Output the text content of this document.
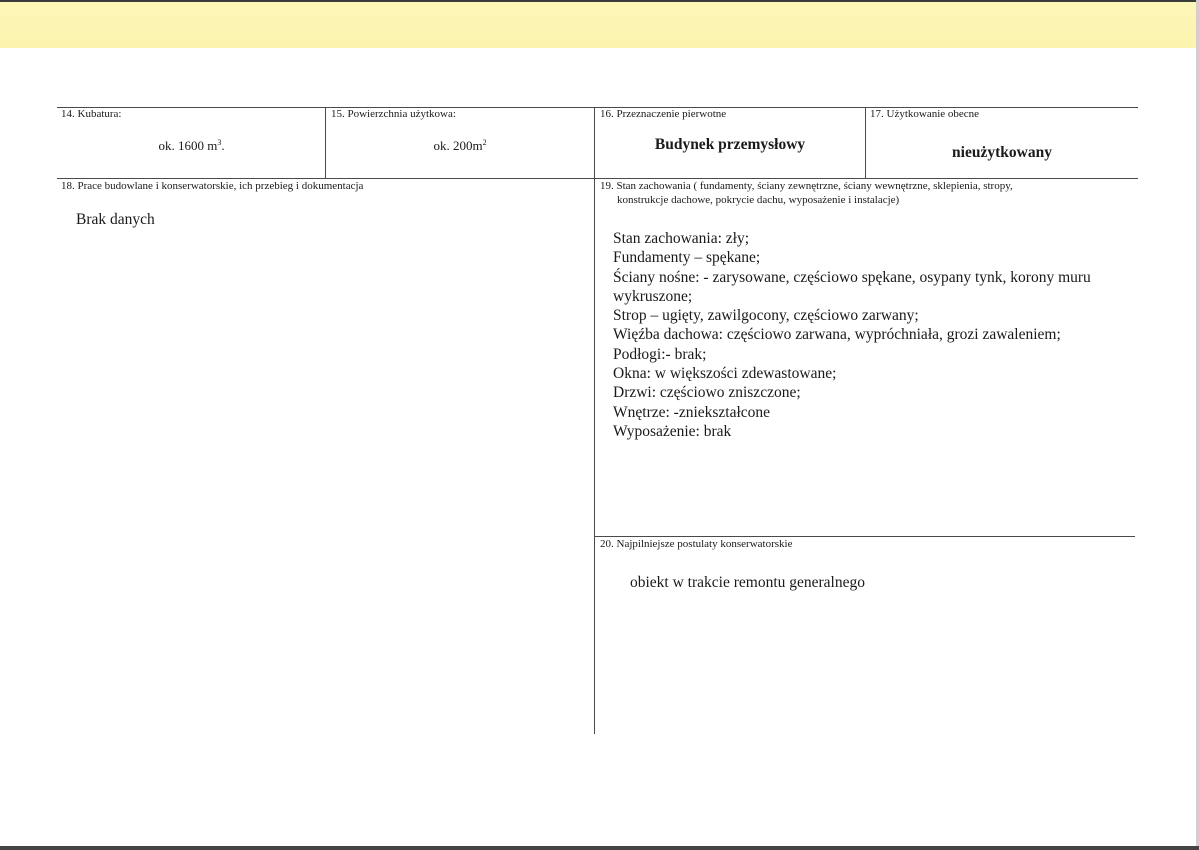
14. Kubatura:
ok. 1600 $m^3$.
15. Powierzchnia użytkowa:
ok. $200m^2$
16. Przeznaczenie pierwotne
Budynek przemysłowy
17. Użytkowanie obecne
nieużytkowany
18. Prace budowlane i konserwatorskie, ich przebieg i dokumentacja
Brak danych
19. Stan zachowania ( fundamenty, ściany zewnętrzne, ściany wewnętrzne, sklepienia, stropy,
konstrukcje dachowe, pokrycie dachu, wyposażenie i instalacje)
Stan zachowania: zły;
Fundamenty – spękane;
Ściany nośne: - zarysowane, częściowo spękane, osypany tynk, korony muru
wykruszone;
Strop – ugięty, zawilgocony, częściowo zarwany;
Więźba dachowa: częściowo zarwana, wypróchniała, grozi zawaleniem;
Podłogi:- brak;
Okna: w większości zdewastowane;
Drzwi: częściowo zniszczone;
Wnętrze: -zniekształcone
Wyposażenie: brak
20. Najpilniejsze postulaty konserwatorskie
obiekt w trakcie remontu generalnego
